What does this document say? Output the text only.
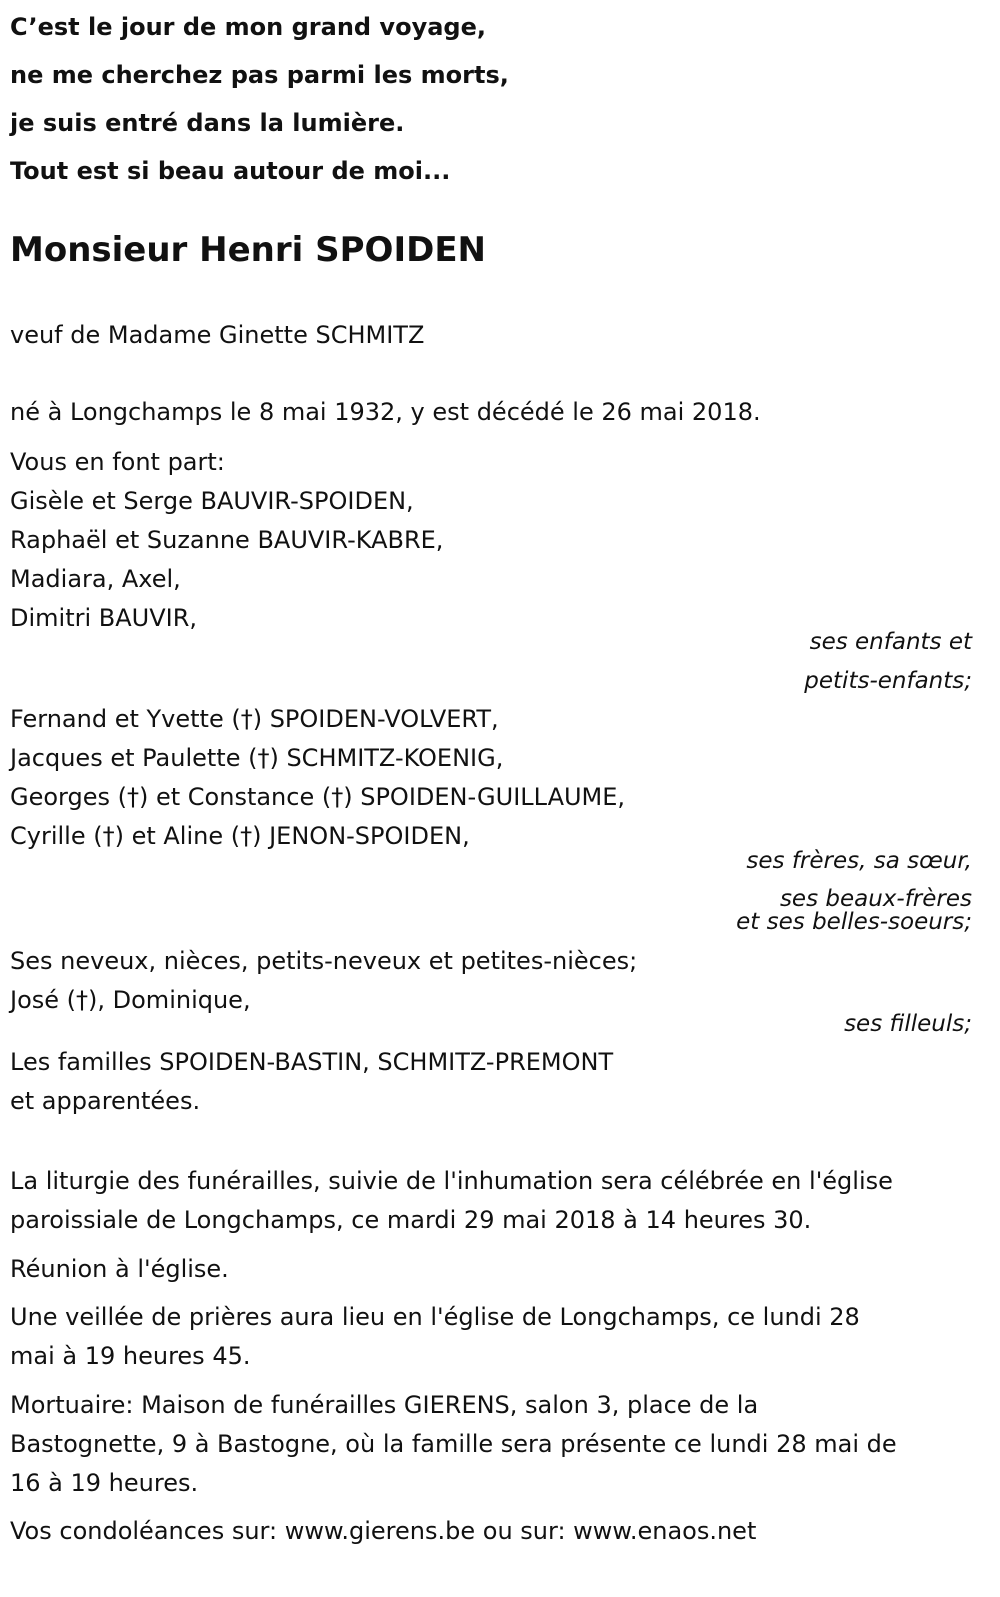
C’est le jour de mon grand voyage,
ne me cherchez pas parmi les morts,
je suis entré dans la lumière.
Tout est si beau autour de moi...
Monsieur Henri SPOIDEN
veuf de Madame Ginette SCHMITZ
né à Longchamps le 8 mai 1932, y est décédé le 26 mai 2018.
Vous en font part:
Gisèle et Serge BAUVIR-SPOIDEN,
Raphaël et Suzanne BAUVIR-KABRE,
Madiara, Axel,
Dimitri BAUVIR,
ses enfants et
petits-enfants;
Fernand et Yvette (†) SPOIDEN-VOLVERT,
Jacques et Paulette (†) SCHMITZ-KOENIG,
Georges (†) et Constance (†) SPOIDEN-GUILLAUME,
Cyrille (†) et Aline (†) JENON-SPOIDEN,
ses frères, sa sœur,
ses beaux-frères
et ses belles-soeurs;
Ses neveux, nièces, petits-neveux et petites-nièces;
José (†), Dominique,
ses filleuls;
Les familles SPOIDEN-BASTIN, SCHMITZ-PREMONT
et apparentées.
La liturgie des funérailles, suivie de l'inhumation sera célébrée en l'église
paroissiale de Longchamps, ce mardi 29 mai 2018 à 14 heures 30.
Réunion à l'église.
Une veillée de prières aura lieu en l'église de Longchamps, ce lundi 28
mai à 19 heures 45.
Mortuaire: Maison de funérailles GIERENS, salon 3, place de la
Bastognette, 9 à Bastogne, où la famille sera présente ce lundi 28 mai de
16 à 19 heures.
Vos condoléances sur: www.gierens.be ou sur: www.enaos.net
